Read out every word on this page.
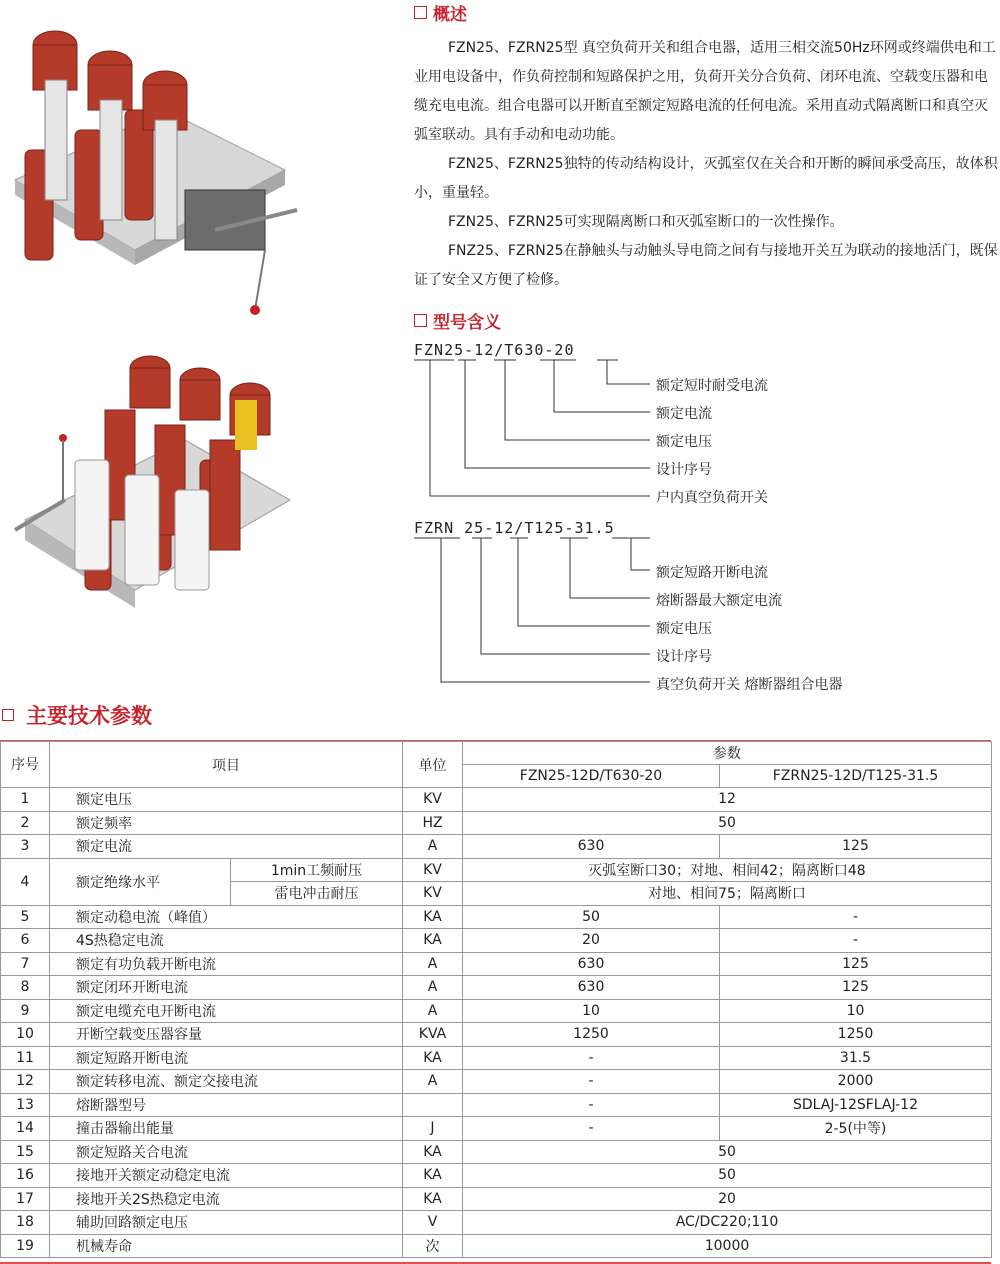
概述
FZN25、FZRN25型 真空负荷开关和组合电器，适用三相交流50Hz环网或终端供电和工业用电设备中，作负荷控制和短路保护之用，负荷开关分合负荷、闭环电流、空载变压器和电缆充电电流。组合电器可以开断直至额定短路电流的任何电流。采用直动式隔离断口和真空灭弧室联动。具有手动和电动功能。
FZN25、FZRN25独特的传动结构设计，灭弧室仅在关合和开断的瞬间承受高压，故体积小，重量轻。
FZN25、FZRN25可实现隔离断口和灭弧室断口的一次性操作。
FNZ25、FZRN25在静触头与动触头导电筒之间有与接地开关互为联动的接地活门，既保证了安全又方便了检修。
型号含义
FZN25-12/T630-20
额定短时耐受电流
额定电流
额定电压
设计序号
户内真空负荷开关
FZRN 25-12/T125-31.5
额定短路开断电流
熔断器最大额定电流
额定电压
设计序号
真空负荷开关 熔断器组合电器
主要技术参数
序号	项目		单位	参数	
				FZN25-12D/T630-20	FZRN25-12D/T125-31.5
1	额定电压		KV	12	
2	额定频率		HZ	50	
3	额定电流		A	630	125
4	额定绝缘水平	1min工频耐压	KV	灭弧室断口30；对地、相间42；隔离断口48	
		雷电冲击耐压	KV	对地、相间75；隔离断口	
5	额定动稳电流（峰值）		KA	50	-
6	4S热稳定电流		KA	20	-
7	额定有功负载开断电流		A	630	125
8	额定闭环开断电流		A	630	125
9	额定电缆充电开断电流		A	10	10
10	开断空载变压器容量		KVA	1250	1250
11	额定短路开断电流		KA	-	31.5
12	额定转移电流、额定交接电流		A	-	2000
13	熔断器型号			-	SDLAJ-12SFLAJ-12
14	撞击器输出能量		J	-	2-5(中等)
15	额定短路关合电流		KA	50	
16	接地开关额定动稳定电流		KA	50	
17	接地开关2S热稳定电流		KA	20	
18	辅助回路额定电压		V	AC/DC220;110	
19	机械寿命		次	10000	
